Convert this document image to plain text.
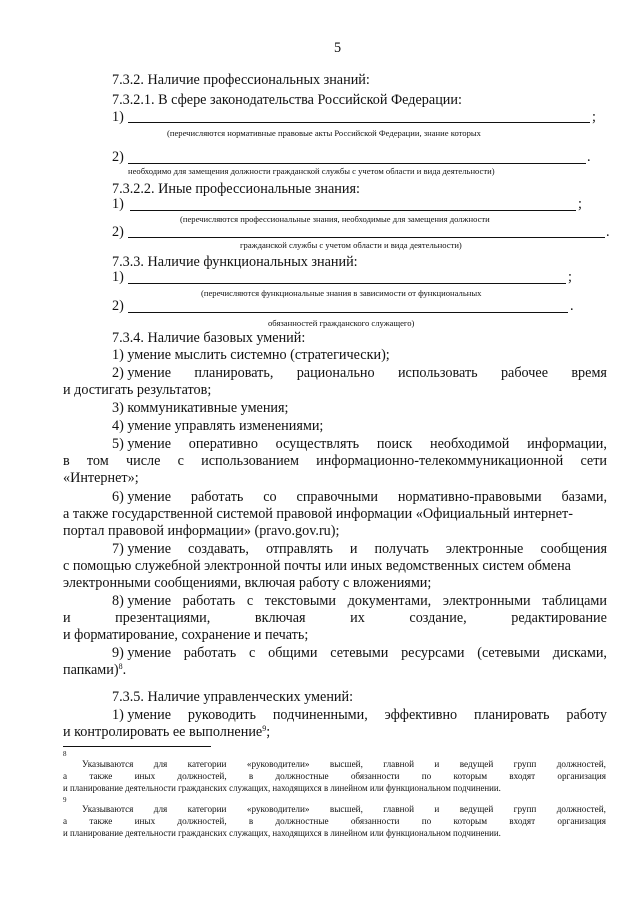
5
7.3.2. Наличие профессиональных знаний:
7.3.2.1. В сфере законодательства Российской Федерации:
1)	;
(перечисляются нормативные правовые акты Российской Федерации, знание которых
2)	.
необходимо для замещения должности гражданской службы с учетом области и вида деятельности)
7.3.2.2. Иные профессиональные знания:
1)	;
(перечисляются профессиональные знания, необходимые для замещения должности
2)	.
гражданской службы с учетом области и вида деятельности)
7.3.3. Наличие функциональных знаний:
1)	;
(перечисляются функциональные знания в зависимости от функциональных
2)	.
обязанностей гражданского служащего)
7.3.4. Наличие базовых умений:
1) умение мыслить системно (стратегически);
2) умение планировать, рационально использовать рабочее время
и достигать результатов;
3) коммуникативные умения;
4) умение управлять изменениями;
5) умение оперативно осуществлять поиск необходимой информации,
в том числе с использованием информационно-телекоммуникационной сети
«Интернет»;
6) умение работать со справочными нормативно-правовыми базами,
а также государственной системой правовой информации «Официальный интернет-
портал правовой информации» (pravo.gov.ru);
7) умение создавать, отправлять и получать электронные сообщения
с помощью служебной электронной почты или иных ведомственных систем обмена
электронными сообщениями, включая работу с вложениями;
8) умение работать с текстовыми документами, электронными таблицами
и	презентациями,	включая	их	создание,	редактирование
и форматирование, сохранение и печать;
9) умение работать с общими сетевыми ресурсами (сетевыми дисками,
папками)$^8$.
7.3.5. Наличие управленческих умений:
1) умение руководить подчиненными, эффективно планировать работу
и контролировать ее выполнение$^9$;
8
Указываются для категории «руководители» высшей, главной и ведущей групп должностей,
а также иных должностей, в должностные обязанности по которым входят организация
и планирование деятельности гражданских служащих, находящихся в линейном или функциональном подчинении.
9
Указываются для категории «руководители» высшей, главной и ведущей групп должностей,
а также иных должностей, в должностные обязанности по которым входят организация
и планирование деятельности гражданских служащих, находящихся в линейном или функциональном подчинении.
